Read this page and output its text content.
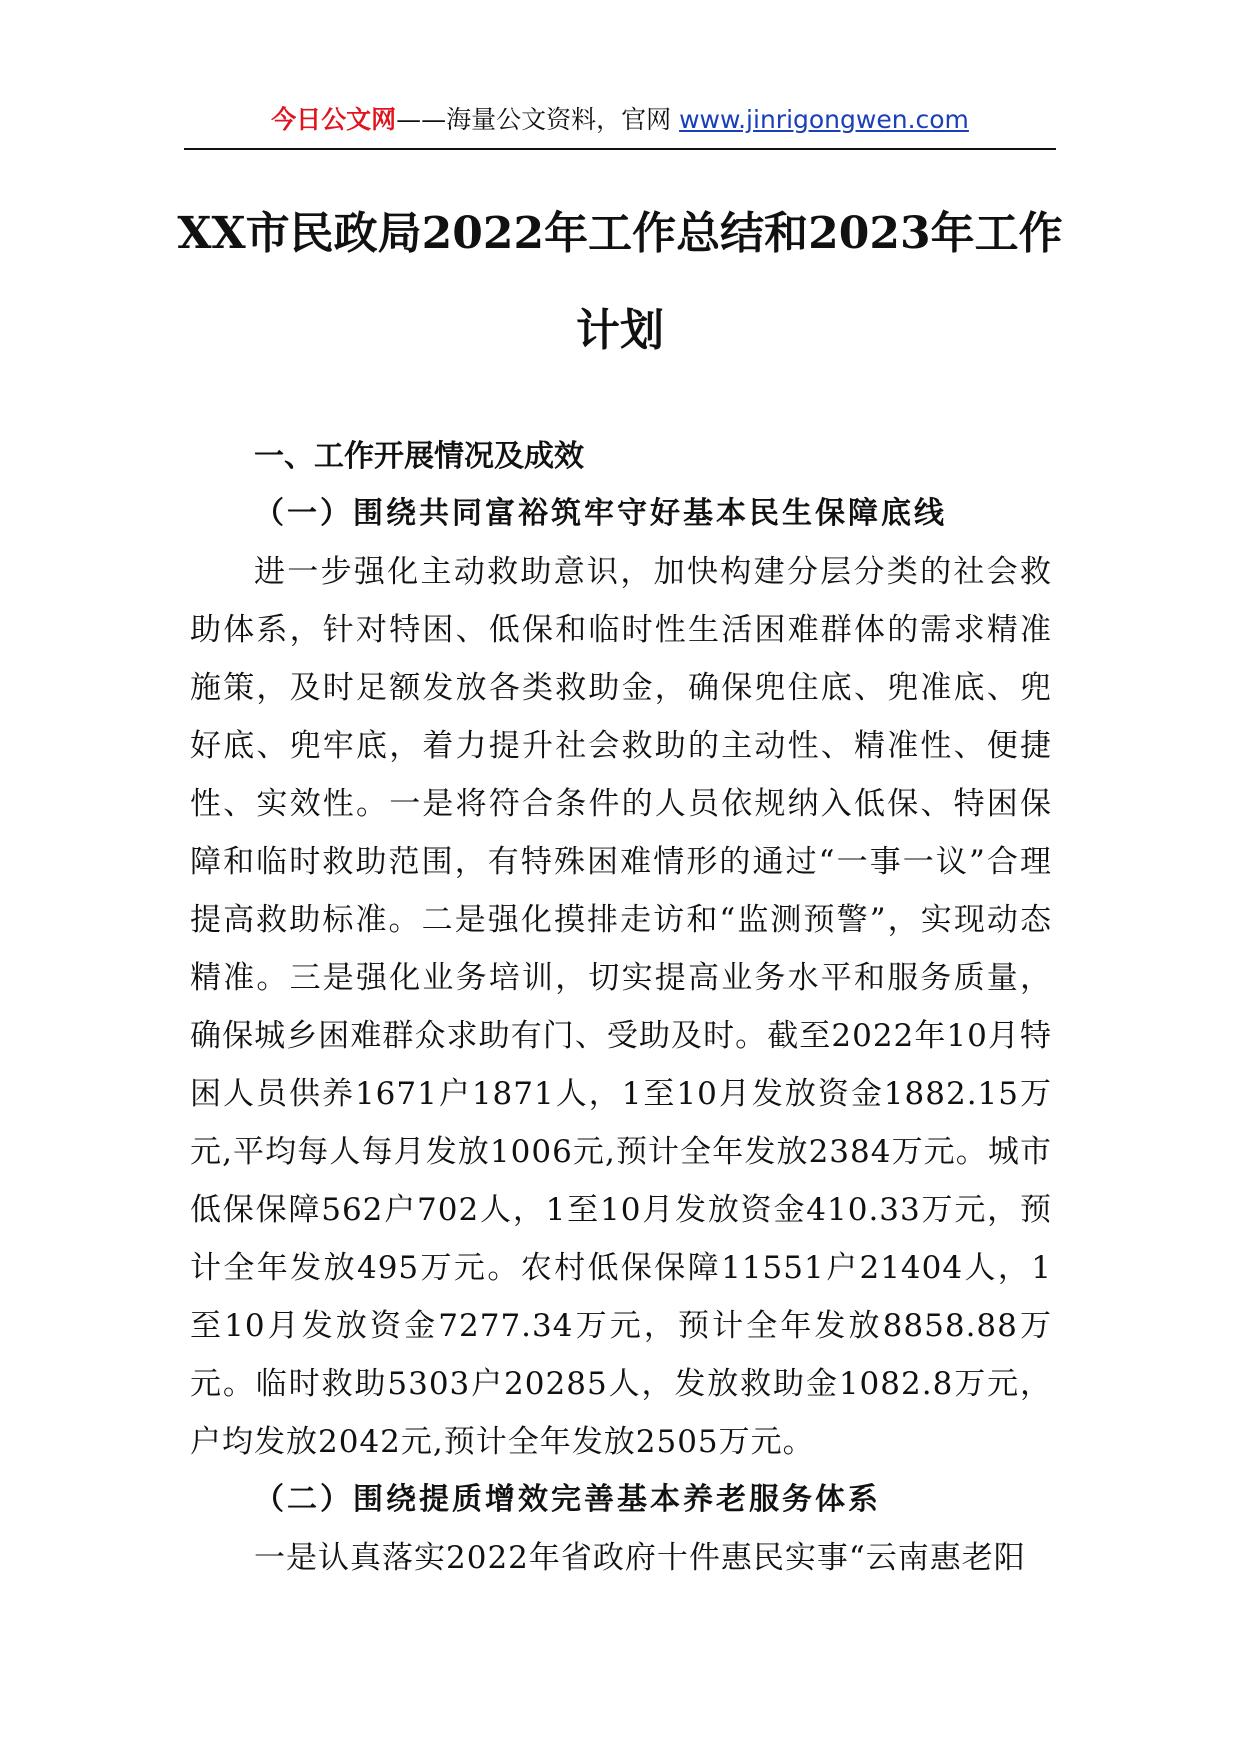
今日公文网——海量公文资料，官网 www.jinrigongwen.com
XX市民政局2022年工作总结和2023年工作计划
一、工作开展情况及成效
（一）围绕共同富裕筑牢守好基本民生保障底线

进一步强化主动救助意识，加快构建分层分类的社会救助体系，针对特困、低保和临时性生活困难群体的需求精准施策，及时足额发放各类救助金，确保兜住底、兜准底、兜好底、兜牢底，着力提升社会救助的主动性、精准性、便捷性、实效性。一是将符合条件的人员依规纳入低保、特困保障和临时救助范围，有特殊困难情形的通过“一事一议”合理提高救助标准。二是强化摸排走访和“监测预警”，实现动态精准。三是强化业务培训，切实提高业务水平和服务质量，确保城乡困难群众求助有门、受助及时。截至2022年10月特困人员供养1671户1871人，1至10月发放资金1882.15万元,平均每人每月发放1006元,预计全年发放2384万元。城市低保保障562户702人，1至10月发放资金410.33万元，预计全年发放495万元。农村低保保障11551户21404人，1至10月发放资金7277.34万元，预计全年发放8858.88万元。临时救助5303户20285人，发放救助金1082.8万元，户均发放2042元,预计全年发放2505万元。

（二）围绕提质增效完善基本养老服务体系

一是认真落实2022年省政府十件惠民实事“云南惠老阳
